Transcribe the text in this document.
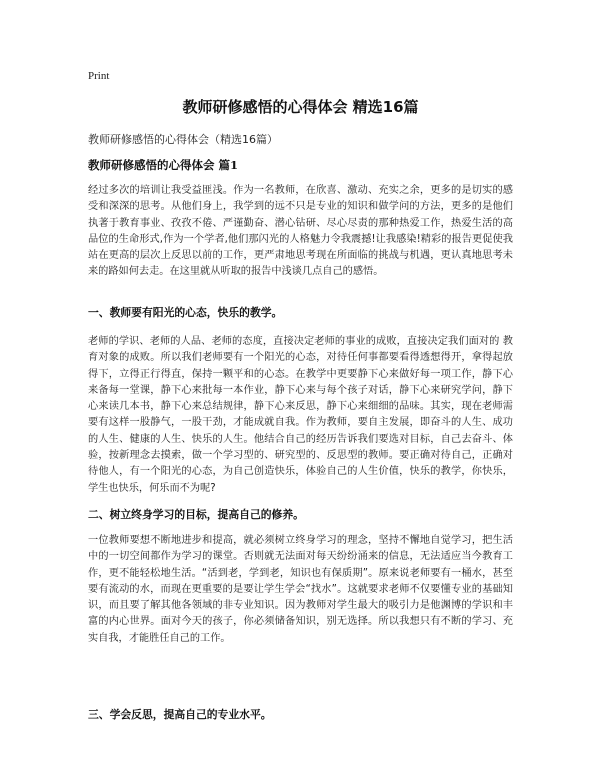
Print
教师研修感悟的心得体会 精选16篇
教师研修感悟的心得体会（精选16篇）
教师研修感悟的心得体会 篇1

经过多次的培训让我受益匪浅。作为一名教师，在欣喜、激动、充实之余，更多的是切实的感受和深深的思考。从他们身上，我学到的远不只是专业的知识和做学问的方法，更多的是他们执著于教育事业、孜孜不倦、严谨勤奋、潜心钻研、尽心尽责的那种热爱工作，热爱生活的高品位的生命形式,作为一个学者,他们那闪光的人格魅力令我震撼!让我感染!精彩的报告更促使我站在更高的层次上反思以前的工作，更严肃地思考现在所面临的挑战与机遇，更认真地思考未来的路如何去走。在这里就从听取的报告中浅谈几点自己的感悟。

一、教师要有阳光的心态，快乐的教学。

老师的学识、老师的人品、老师的态度，直接决定老师的事业的成败，直接决定我们面对的 教育对象的成败。所以我们老师要有一个阳光的心态，对待任何事都要看得透想得开，拿得起放得下，立得正行得直，保持一颗平和的心态。在教学中更要静下心来做好每一项工作，静下心来备每一堂课，静下心来批每一本作业，静下心来与每个孩子对话，静下心来研究学问，静下心来读几本书，静下心来总结规律，静下心来反思，静下心来细细的品味。其实，现在老师需要有这样一股静气，一股干劲，才能成就自我。作为教师，要自主发展，即奋斗的人生、成功的人生、健康的人生、快乐的人生。他结合自己的经历告诉我们要选对目标，自己去奋斗、体验，按新理念去摸索，做一个学习型的、研究型的、反思型的教师。要正确对待自己，正确对待他人，有一个阳光的心态，为自己创造快乐，体验自己的人生价值，快乐的教学，你快乐，学生也快乐，何乐而不为呢?

二、树立终身学习的目标，提高自己的修养。

一位教师要想不断地进步和提高，就必须树立终身学习的理念，坚持不懈地自觉学习，把生活中的一切空间都作为学习的课堂。否则就无法面对每天纷纷涌来的信息，无法适应当今教育工作，更不能轻松地生活。“活到老，学到老，知识也有保质期”。原来说老师要有一桶水，甚至要有流动的水，而现在更重要的是要让学生学会“找水”。这就要求老师不仅要懂专业的基础知识，而且要了解其他各领域的非专业知识。因为教师对学生最大的吸引力是他渊博的学识和丰富的内心世界。面对今天的孩子，你必须储备知识，别无选择。所以我想只有不断的学习、充实自我，才能胜任自己的工作。

三、学会反思，提高自己的专业水平。
